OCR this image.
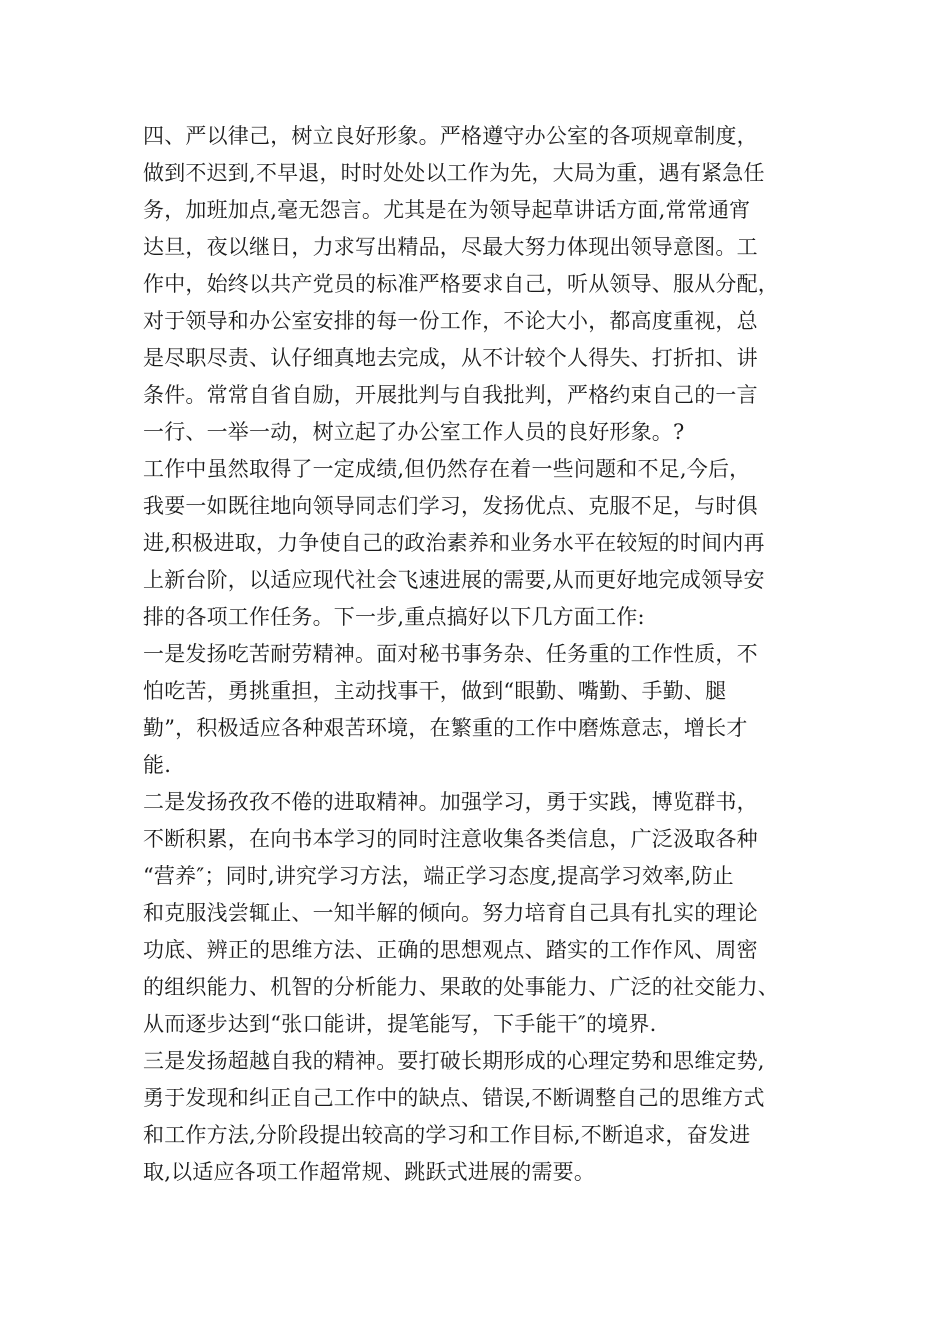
四、严以律己，树立良好形象。严格遵守办公室的各项规章制度，
做到不迟到,不早退，时时处处以工作为先，大局为重，遇有紧急任
务，加班加点,毫无怨言。尤其是在为领导起草讲话方面,常常通宵
达旦，夜以继日，力求写出精品，尽最大努力体现出领导意图。工
作中，始终以共产党员的标准严格要求自己，听从领导、服从分配，
对于领导和办公室安排的每一份工作，不论大小，都高度重视，总
是尽职尽责、认仔细真地去完成，从不计较个人得失、打折扣、讲
条件。常常自省自励，开展批判与自我批判，严格约束自己的一言
一行、一举一动，树立起了办公室工作人员的良好形象。?
工作中虽然取得了一定成绩,但仍然存在着一些问题和不足,今后，
我要一如既往地向领导同志们学习，发扬优点、克服不足，与时俱
进,积极进取，力争使自己的政治素养和业务水平在较短的时间内再
上新台阶，以适应现代社会飞速进展的需要,从而更好地完成领导安
排的各项工作任务。下一步,重点搞好以下几方面工作:
一是发扬吃苦耐劳精神。面对秘书事务杂、任务重的工作性质，不
怕吃苦，勇挑重担，主动找事干，做到“眼勤、嘴勤、手勤、腿
勤”，积极适应各种艰苦环境，在繁重的工作中磨炼意志，增长才
能.
二是发扬孜孜不倦的进取精神。加强学习，勇于实践，博览群书，
不断积累，在向书本学习的同时注意收集各类信息，广泛汲取各种
“营养″；同时,讲究学习方法，端正学习态度,提高学习效率,防止
和克服浅尝辄止、一知半解的倾向。努力培育自己具有扎实的理论
功底、辨正的思维方法、正确的思想观点、踏实的工作作风、周密
的组织能力、机智的分析能力、果敢的处事能力、广泛的社交能力、
从而逐步达到“张口能讲，提笔能写，下手能干″的境界.
三是发扬超越自我的精神。要打破长期形成的心理定势和思维定势,
勇于发现和纠正自己工作中的缺点、错误,不断调整自己的思维方式
和工作方法,分阶段提出较高的学习和工作目标,不断追求，奋发进
取,以适应各项工作超常规、跳跃式进展的需要。
